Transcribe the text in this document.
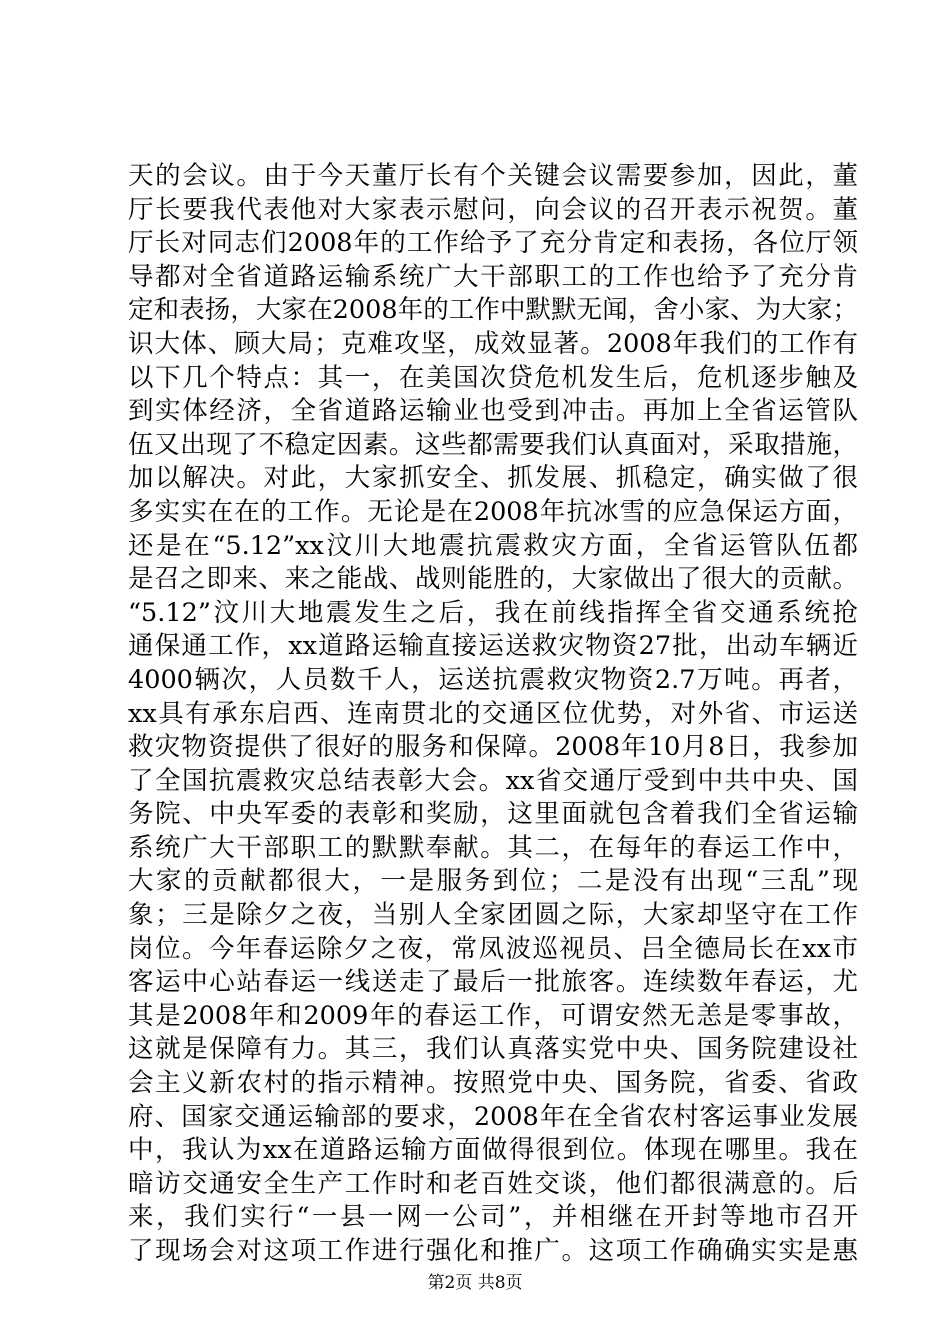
天的会议。由于今天董厅长有个关键会议需要参加，因此，董
厅长要我代表他对大家表示慰问，向会议的召开表示祝贺。董
厅长对同志们2008年的工作给予了充分肯定和表扬，各位厅领
导都对全省道路运输系统广大干部职工的工作也给予了充分肯
定和表扬，大家在2008年的工作中默默无闻，舍小家、为大家；
识大体、顾大局；克难攻坚，成效显著。2008年我们的工作有
以下几个特点：其一，在美国次贷危机发生后，危机逐步触及
到实体经济，全省道路运输业也受到冲击。再加上全省运管队
伍又出现了不稳定因素。这些都需要我们认真面对，采取措施，
加以解决。对此，大家抓安全、抓发展、抓稳定，确实做了很
多实实在在的工作。无论是在2008年抗冰雪的应急保运方面，
还是在“5.12”xx汶川大地震抗震救灾方面，全省运管队伍都
是召之即来、来之能战、战则能胜的，大家做出了很大的贡献。
“5.12”汶川大地震发生之后，我在前线指挥全省交通系统抢
通保通工作，xx道路运输直接运送救灾物资27批，出动车辆近
4000辆次，人员数千人，运送抗震救灾物资2.7万吨。再者，
xx具有承东启西、连南贯北的交通区位优势，对外省、市运送
救灾物资提供了很好的服务和保障。2008年10月8日，我参加
了全国抗震救灾总结表彰大会。xx省交通厅受到中共中央、国
务院、中央军委的表彰和奖励，这里面就包含着我们全省运输
系统广大干部职工的默默奉献。其二，在每年的春运工作中，
大家的贡献都很大，一是服务到位；二是没有出现“三乱”现
象；三是除夕之夜，当别人全家团圆之际，大家却坚守在工作
岗位。今年春运除夕之夜，常凤波巡视员、吕全德局长在xx市
客运中心站春运一线送走了最后一批旅客。连续数年春运，尤
其是2008年和2009年的春运工作，可谓安然无恙是零事故，
这就是保障有力。其三，我们认真落实党中央、国务院建设社
会主义新农村的指示精神。按照党中央、国务院，省委、省政
府、国家交通运输部的要求，2008年在全省农村客运事业发展
中，我认为xx在道路运输方面做得很到位。体现在哪里。我在
暗访交通安全生产工作时和老百姓交谈，他们都很满意的。后
来，我们实行“一县一网一公司”，并相继在开封等地市召开
了现场会对这项工作进行强化和推广。这项工作确确实实是惠
第2页 共8页
